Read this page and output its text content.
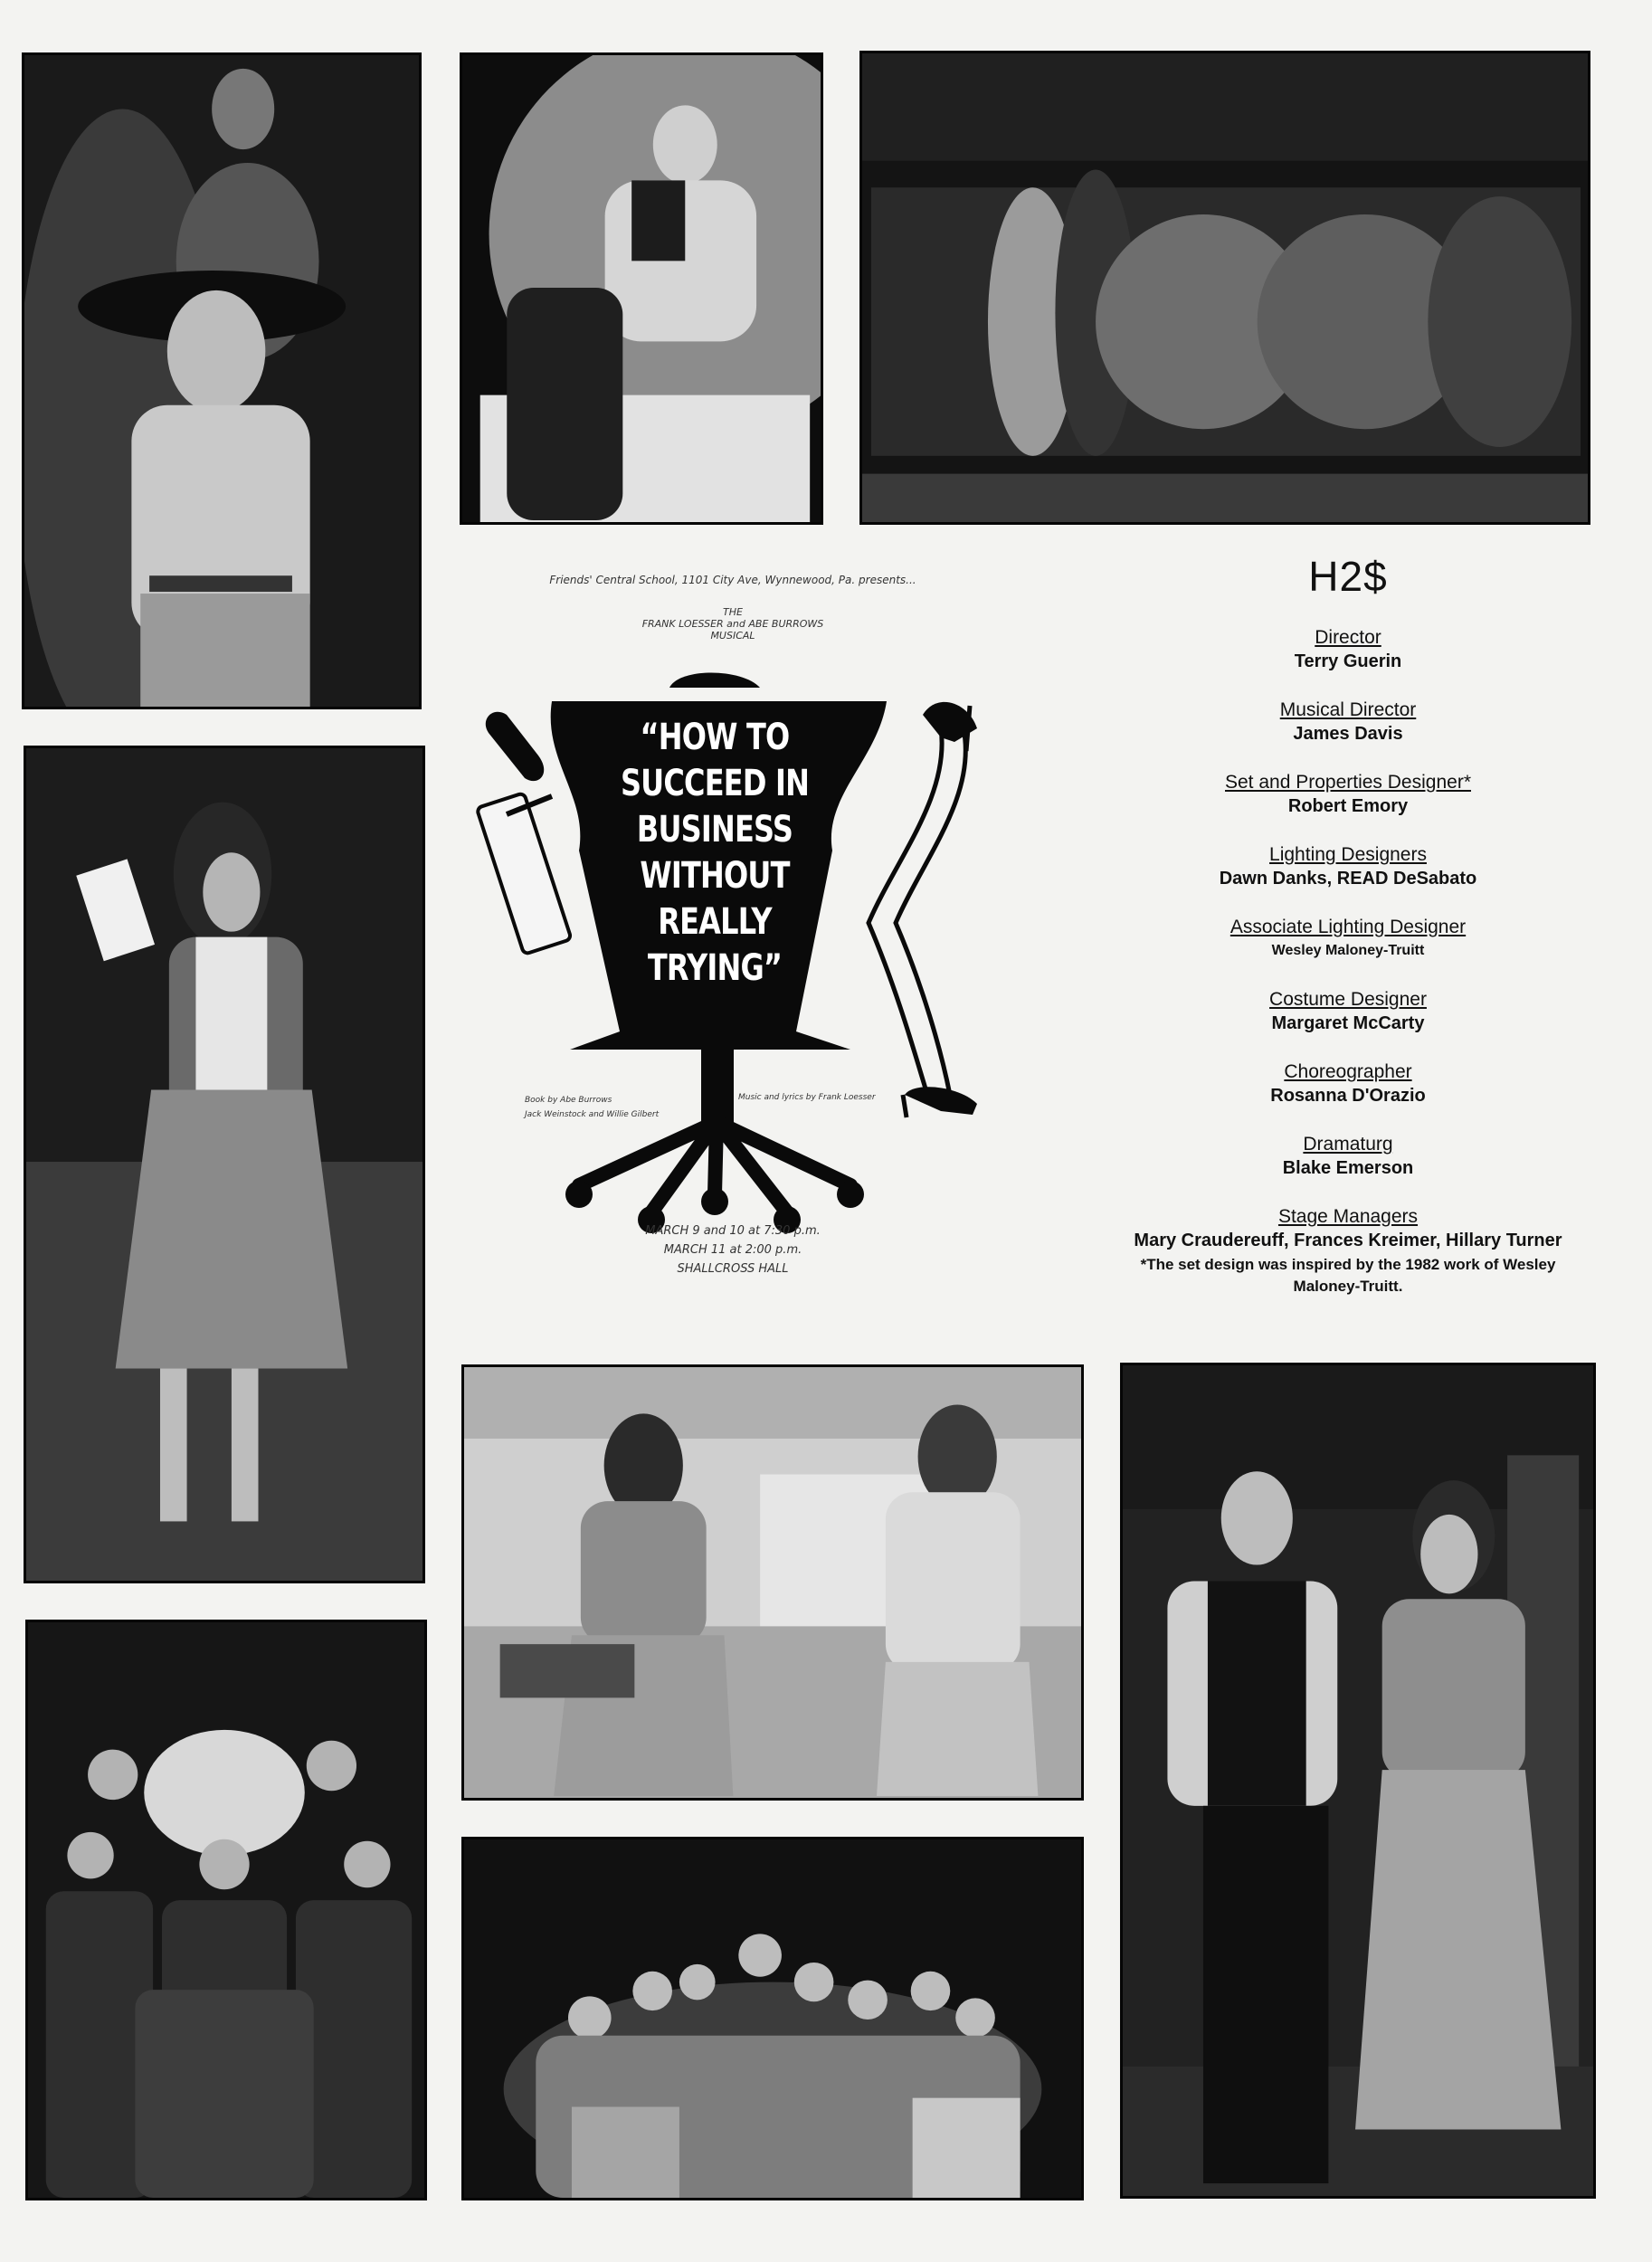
Friends' Central School, 1101 City Ave, Wynnewood, Pa. presents...
THE
FRANK LOESSER and ABE BURROWS
MUSICAL
“HOW TO
SUCCEED IN
BUSINESS
WITHOUT
REALLY
TRYING”
Book by Abe Burrows
Jack Weinstock and Willie Gilbert
Music and lyrics by Frank Loesser
MARCH 9 and 10 at 7:30 p.m.
MARCH 11 at 2:00 p.m.
SHALLCROSS HALL
H2$
Director
Terry Guerin
Musical Director
James Davis
Set and Properties Designer*
Robert Emory
Lighting Designers
Dawn Danks, READ DeSabato
Associate Lighting Designer
Wesley Maloney-Truitt
Costume Designer
Margaret McCarty
Choreographer
Rosanna D'Orazio
Dramaturg
Blake Emerson
Stage Managers
Mary Craudereuff, Frances Kreimer, Hillary Turner
*The set design was inspired by the 1982 work of Wesley Maloney-Truitt.
